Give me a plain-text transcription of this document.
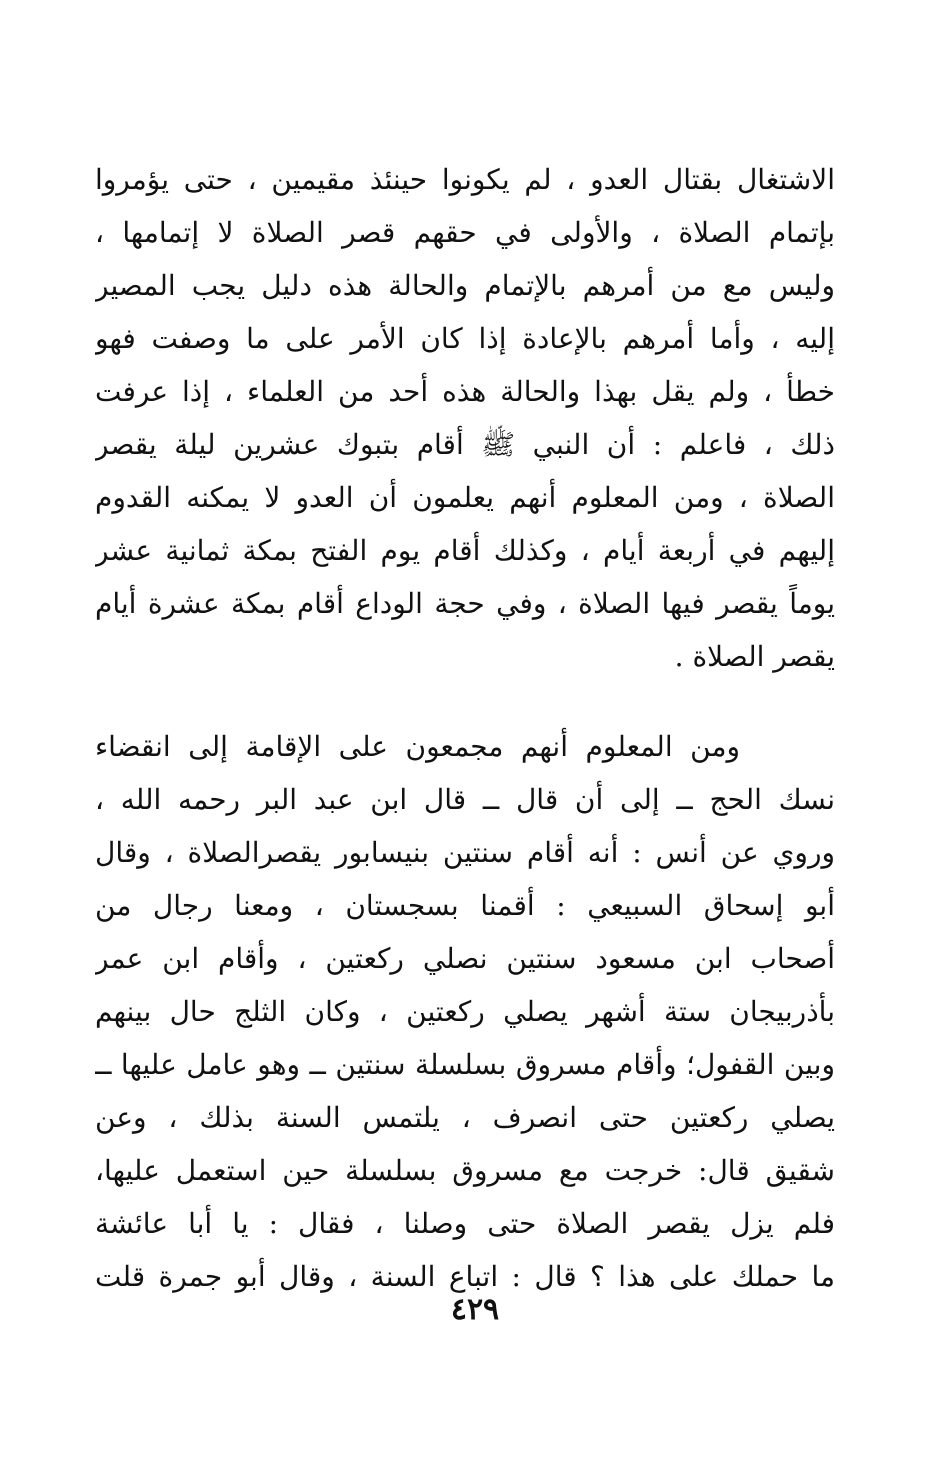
الاشتغال بقتال العدو ، لم يكونوا حينئذ مقيمين ، حتى يؤمروا
بإتمام الصلاة ، والأولى في حقهم قصر الصلاة لا إتمامها ،
وليس مع من أمرهم بالإتمام والحالة هذه دليل يجب المصير
إليه ، وأما أمرهم بالإعادة إذا كان الأمر على ما وصفت فهو
خطأ ، ولم يقل بهذا والحالة هذه أحد من العلماء ، إذا عرفت
ذلك ، فاعلم : أن النبي ﷺ أقام بتبوك عشرين ليلة يقصر
الصلاة ، ومن المعلوم أنهم يعلمون أن العدو لا يمكنه القدوم
إليهم في أربعة أيام ، وكذلك أقام يوم الفتح بمكة ثمانية عشر
يوماً يقصر فيها الصلاة ، وفي حجة الوداع أقام بمكة عشرة أيام
يقصر الصلاة .
ومن المعلوم أنهم مجمعون على الإقامة إلى انقضاء
نسك الحج ــ إلى أن قال ــ قال ابن عبد البر رحمه الله ،
وروي عن أنس : أنه أقام سنتين بنيسابور يقصرالصلاة ، وقال
أبو إسحاق السبيعي : أقمنا بسجستان ، ومعنا رجال من
أصحاب ابن مسعود سنتين نصلي ركعتين ، وأقام ابن عمر
بأذربيجان ستة أشهر يصلي ركعتين ، وكان الثلج حال بينهم
وبين القفول؛ وأقام مسروق بسلسلة سنتين ــ وهو عامل عليها ــ
يصلي ركعتين حتى انصرف ، يلتمس السنة بذلك ، وعن
شقيق قال: خرجت مع مسروق بسلسلة حين استعمل عليها،
فلم يزل يقصر الصلاة حتى وصلنا ، فقال : يا أبا عائشة
ما حملك على هذا ؟ قال : اتباع السنة ، وقال أبو جمرة قلت
٤٢٩
